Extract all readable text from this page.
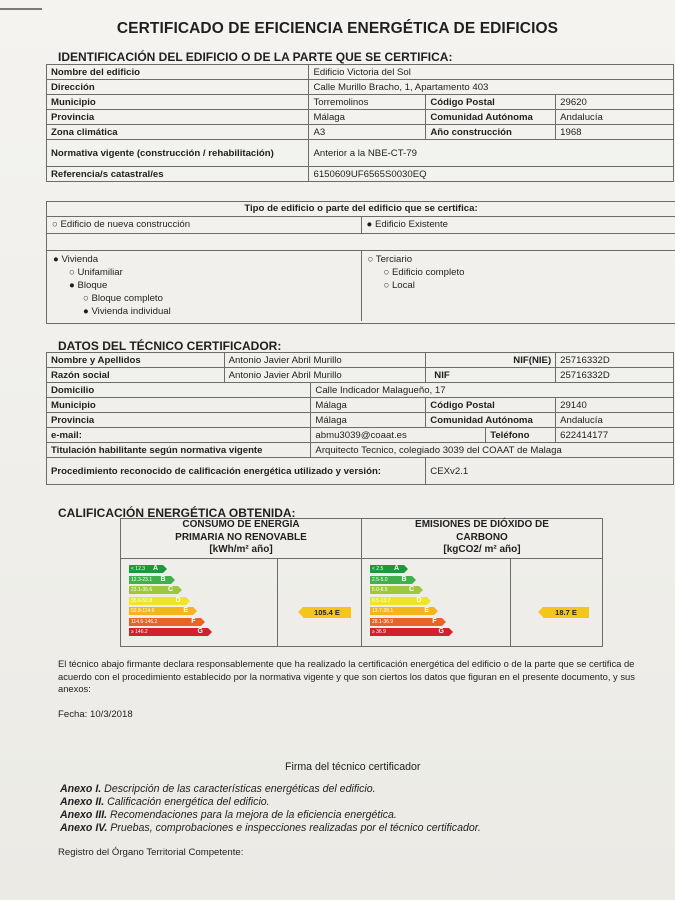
CERTIFICADO DE EFICIENCIA ENERGÉTICA DE EDIFICIOS
IDENTIFICACIÓN DEL EDIFICIO O DE LA PARTE QUE SE CERTIFICA:
Nombre del edificio	Edificio Victoria del Sol		
Dirección	Calle Murillo Bracho, 1, Apartamento 403		
Municipio	Torremolinos	Código Postal	29620
Provincia	Málaga	Comunidad Autónoma	Andalucía
Zona climática	A3	Año construcción	1968
Normativa vigente (construcción / rehabilitación)	Anterior a la NBE-CT-79		
Referencia/s catastral/es	6150609UF6565S0030EQ		
Tipo de edificio o parte del edificio que se certifica:
○ Edificio de nueva construcción	● Edificio Existente
● Vivienda
○ Unifamiliar
● Bloque
○ Bloque completo
● Vivienda individual
○ Terciario
○ Edificio completo
○ Local
DATOS DEL TÉCNICO CERTIFICADOR:
Nombre y Apellidos	Antonio Javier Abril Murillo		NIF(NIE)		25716332D
Razón social	Antonio Javier Abril Murillo		NIF		25716332D
Domicilio		Calle Indicador Malagueño, 17			
Municipio		Málaga	Código Postal		29140
Provincia		Málaga	Comunidad Autónoma		Andalucía
e-mail:		abmu3039@coaat.es		Teléfono	622414177
Titulación habilitante según normativa vigente		Arquitecto Tecnico, colegiado 3039 del COAAT de Malaga			
Procedimiento reconocido de calificación energética utilizado y versión:			CEXv2.1		
CALIFICACIÓN ENERGÉTICA OBTENIDA:
CONSUMO DE ENERGÍA
PRIMARIA NO RENOVABLE
[kWh/m² año]
EMISIONES DE DIÓXIDO DE
CARBONO
[kgCO2/ m² año]
< 12.3 A
12.3-23.1 B
23.1-35.6 C
35.6-52.8	D
52.8-114.6	E
114.6-146.2	F
≥ 146.2	G
105.4 E
< 2.5 A
2.5-5.0 B
5.0-8.5	C
8.5-13.7	D
13.7-28.1	E
28.1-36.9	F
≥ 36.9	G
18.7 E
El técnico abajo firmante declara responsablemente que ha realizado la certificación energética del edificio o de la parte que se certifica de acuerdo con el procedimiento establecido por la normativa vigente y que son ciertos los datos que figuran en el presente documento, y sus anexos:
Fecha: 10/3/2018
Firma del técnico certificador
Anexo I. Descripción de las características energéticas del edificio.
Anexo II. Calificación energética del edificio.
Anexo III. Recomendaciones para la mejora de la eficiencia energética.
Anexo IV. Pruebas, comprobaciones e inspecciones realizadas por el técnico certificador.
Registro del Órgano Territorial Competente:
